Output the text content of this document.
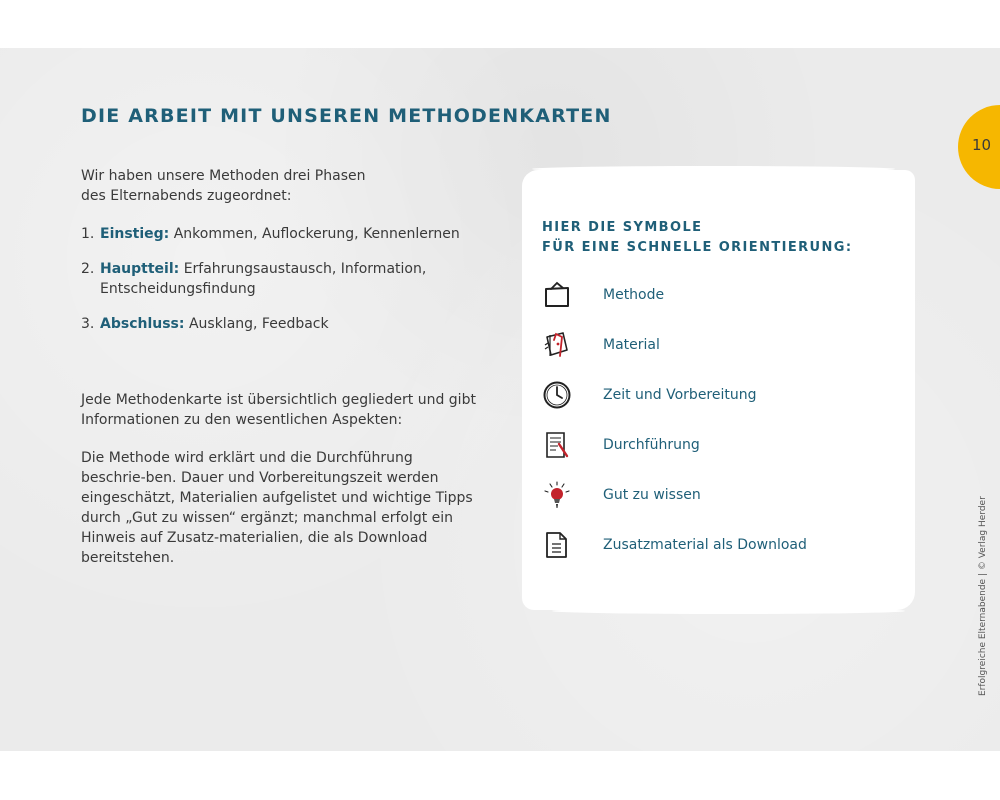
DIE ARBEIT MIT UNSEREN METHODENKARTEN
Wir haben unsere Methoden drei Phasen
des Elternabends zugeordnet:
1. Einstieg: Ankommen, Auflockerung, Kennenlernen
2. Hauptteil: Erfahrungsaustausch, Information, Entscheidungsfindung
3. Abschluss: Ausklang, Feedback

Jede Methodenkarte ist übersichtlich gegliedert und gibt Informationen zu den wesentlichen Aspekten:

Die Methode wird erklärt und die Durchführung beschrie-ben. Dauer und Vorbereitungszeit werden eingeschätzt, Materialien aufgelistet und wichtige Tipps durch „Gut zu wissen“ ergänzt; manchmal erfolgt ein Hinweis auf Zusatz-materialien, die als Download bereitstehen.

HIER DIE SYMBOLE
FÜR EINE SCHNELLE ORIENTIERUNG:
Methode
Material
Zeit und Vorbereitung
Durchführung
Gut zu wissen
Zusatzmaterial als Download
10
Erfolgreiche Elternabende | © Verlag Herder
